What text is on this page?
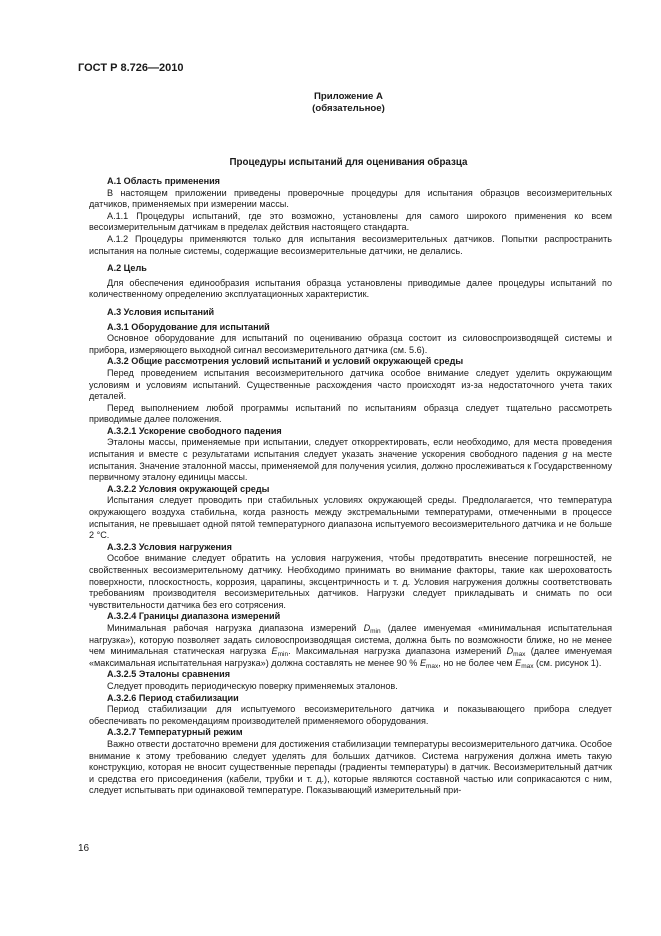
ГОСТ Р 8.726—2010
Приложение А
(обязательное)
Процедуры испытаний для оценивания образца

А.1 Область применения

В настоящем приложении приведены проверочные процедуры для испытания образцов весоизмерительных датчиков, применяемых при измерении массы.

А.1.1 Процедуры испытаний, где это возможно, установлены для самого широкого применения ко всем весоизмерительным датчикам в пределах действия настоящего стандарта.

А.1.2 Процедуры применяются только для испытания весоизмерительных датчиков. Попытки распространить испытания на полные системы, содержащие весоизмерительные датчики, не делались.

А.2 Цель

Для обеспечения единообразия испытания образца установлены приводимые далее процедуры испытаний по количественному определению эксплуатационных характеристик.

А.3 Условия испытаний

А.3.1 Оборудование для испытаний

Основное оборудование для испытаний по оцениванию образца состоит из силовоспроизводящей системы и прибора, измеряющего выходной сигнал весоизмерительного датчика (см. 5.6).

А.3.2 Общие рассмотрения условий испытаний и условий окружающей среды

Перед проведением испытания весоизмерительного датчика особое внимание следует уделить окружающим условиям и условиям испытаний. Существенные расхождения часто происходят из-за недостаточного учета таких деталей.

Перед выполнением любой программы испытаний по испытаниям образца следует тщательно рассмотреть приводимые далее положения.

А.3.2.1 Ускорение свободного падения

Эталоны массы, применяемые при испытании, следует откорректировать, если необходимо, для места проведения испытания и вместе с результатами испытания следует указать значение ускорения свободного падения g на месте испытания. Значение эталонной массы, применяемой для получения усилия, должно прослеживаться к Государственному первичному эталону единицы массы.

А.3.2.2 Условия окружающей среды

Испытания следует проводить при стабильных условиях окружающей среды. Предполагается, что температура окружающего воздуха стабильна, когда разность между экстремальными температурами, отмеченными в процессе испытания, не превышает одной пятой температурного диапазона испытуемого весоизмерительного датчика и не больше 2 °С.

А.3.2.3 Условия нагружения

Особое внимание следует обратить на условия нагружения, чтобы предотвратить внесение погрешностей, не свойственных весоизмерительному датчику. Необходимо принимать во внимание факторы, такие как шероховатость поверхности, плоскостность, коррозия, царапины, эксцентричность и т. д. Условия нагружения должны соответствовать требованиям производителя весоизмерительных датчиков. Нагрузки следует прикладывать и снимать по оси чувствительности датчика без его сотрясения.

А.3.2.4 Границы диапазона измерений

Минимальная рабочая нагрузка диапазона измерений $D_{min}$ (далее именуемая «минимальная испытательная нагрузка»), которую позволяет задать силовоспроизводящая система, должна быть по возможности ближе, но не менее чем минимальная статическая нагрузка $E_{min}$. Максимальная нагрузка диапазона измерений $D_{max}$ (далее именуемая «максимальная испытательная нагрузка») должна составлять не менее 90 % $E_{max}$, но не более чем $E_{max}$ (см. рисунок 1).

А.3.2.5 Эталоны сравнения

Следует проводить периодическую поверку применяемых эталонов.

А.3.2.6 Период стабилизации

Период стабилизации для испытуемого весоизмерительного датчика и показывающего прибора следует обеспечивать по рекомендациям производителей применяемого оборудования.

А.3.2.7 Температурный режим

Важно отвести достаточно времени для достижения стабилизации температуры весоизмерительного датчика. Особое внимание к этому требованию следует уделять для больших датчиков. Система нагружения должна иметь такую конструкцию, которая не вносит существенные перепады (градиенты температуры) в датчик. Весоизмерительный датчик и средства его присоединения (кабели, трубки и т. д.), которые являются составной частью или соприкасаются с ним, следует испытывать при одинаковой температуре. Показывающий измерительный при-

16
